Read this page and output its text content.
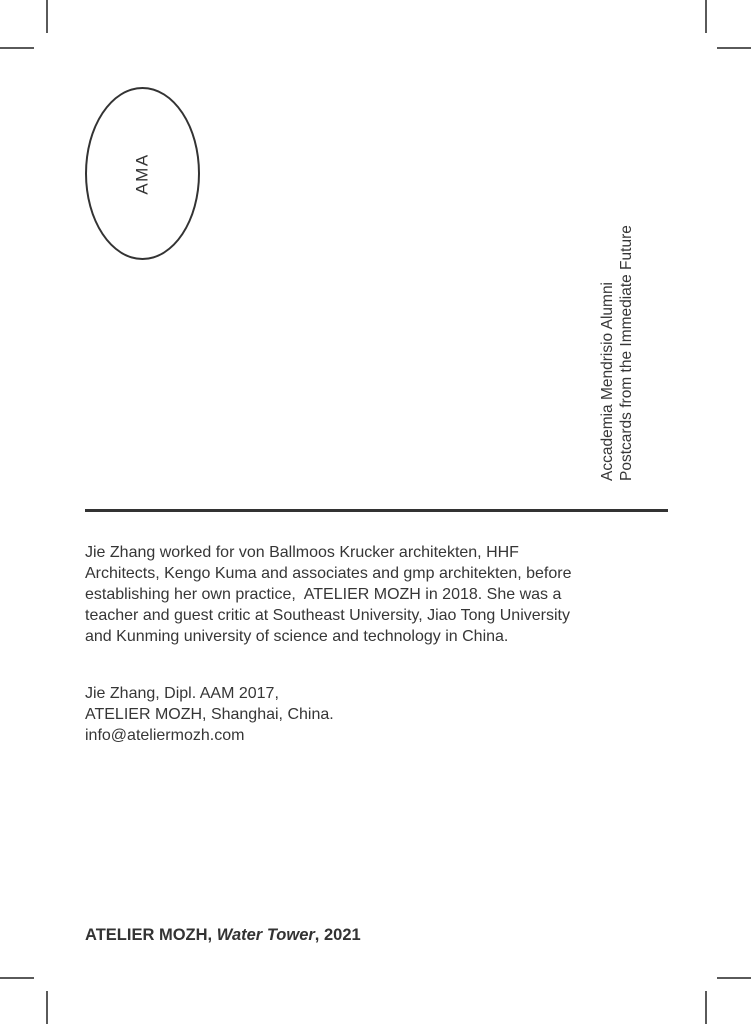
AMA
Accademia Mendrisio Alumni Postcards from the Immediate Future
Jie Zhang worked for von Ballmoos Krucker architekten, HHF
Architects, Kengo Kuma and associates and gmp architekten, before
establishing her own practice,  ATELIER MOZH in 2018. She was a
teacher and guest critic at Southeast University, Jiao Tong University
and Kunming university of science and technology in China.
Jie Zhang, Dipl. AAM 2017,
ATELIER MOZH, Shanghai, China.
info@ateliermozh.com
ATELIER MOZH, Water Tower, 2021
